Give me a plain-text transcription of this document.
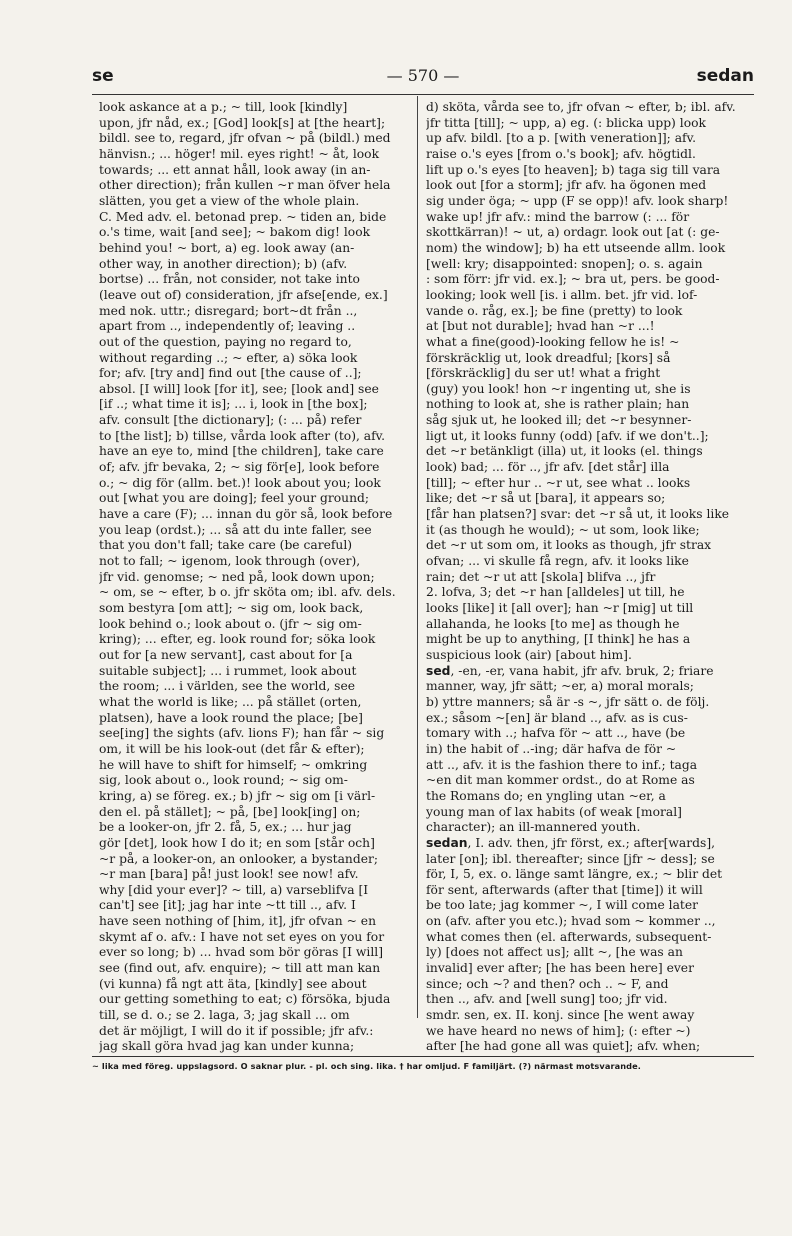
se	— 570 —	sedan
look askance at a p.; ~ till, look [kindly]
upon, jfr nåd, ex.; [God] look[s] at [the heart];
bildl. see to, regard, jfr ofvan ~ på (bildl.) med
hänvisn.; ... höger! mil. eyes right! ~ åt, look
towards; ... ett annat håll, look away (in an-
other direction); från kullen ~r man öfver hela
slätten, you get a view of the whole plain.
C. Med adv. el. betonad prep. ~ tiden an, bide
o.'s time, wait [and see]; ~ bakom dig! look
behind you! ~ bort, a) eg. look away (an-
other way, in another direction); b) (afv.
bortse) ... från, not consider, not take into
(leave out of) consideration, jfr afse[ende, ex.]
med nok. uttr.; disregard; bort~dt från ..,
apart from .., independently of; leaving ..
out of the question, paying no regard to,
without regarding ..; ~ efter, a) söka look
for; afv. [try and] find out [the cause of ..];
absol. [I will] look [for it], see; [look and] see
[if ..; what time it is]; ... i, look in [the box];
afv. consult [the dictionary]; (: ... på) refer
to [the list]; b) tillse, vårda look after (to), afv.
have an eye to, mind [the children], take care
of; afv. jfr bevaka, 2; ~ sig för[e], look before
o.; ~ dig för (allm. bet.)! look about you; look
out [what you are doing]; feel your ground;
have a care (F); ... innan du gör så, look before
you leap (ordst.); ... så att du inte faller, see
that you don't fall; take care (be careful)
not to fall; ~ igenom, look through (over),
jfr vid. genomse; ~ ned på, look down upon;
~ om, se ~ efter, b o. jfr sköta om; ibl. afv. dels.
som bestyra [om att]; ~ sig om, look back,
look behind o.; look about o. (jfr ~ sig om-
kring); ... efter, eg. look round for; söka look
out for [a new servant], cast about for [a
suitable subject]; ... i rummet, look about
the room; ... i världen, see the world, see
what the world is like; ... på stället (orten,
platsen), have a look round the place; [be]
see[ing] the sights (afv. lions F); han får ~ sig
om, it will be his look-out (det får & efter);
he will have to shift for himself; ~ omkring
sig, look about o., look round; ~ sig om-
kring, a) se föreg. ex.; b) jfr ~ sig om [i värl-
den el. på stället]; ~ på, [be] look[ing] on;
be a looker-on, jfr 2. få, 5, ex.; ... hur jag
gör [det], look how I do it; en som [står och]
~r på, a looker-on, an onlooker, a bystander;
~r man [bara] på! just look! see now! afv.
why [did your ever]? ~ till, a) varseblifva [I
can't] see [it]; jag har inte ~tt till .., afv. I
have seen nothing of [him, it], jfr ofvan ~ en
skymt af o. afv.: I have not set eyes on you for
ever so long; b) ... hvad som bör göras [I will]
see (find out, afv. enquire); ~ till att man kan
(vi kunna) få ngt att äta, [kindly] see about
our getting something to eat; c) försöka, bjuda
till, se d. o.; se 2. laga, 3; jag skall ... om
det är möjligt, I will do it if possible; jfr afv.:
jag skall göra hvad jag kan under kunna;
d) sköta, vårda see to, jfr ofvan ~ efter, b; ibl. afv.
jfr titta [till]; ~ upp, a) eg. (: blicka upp) look
up afv. bildl. [to a p. [with veneration]]; afv.
raise o.'s eyes [from o.'s book]; afv. högtidl.
lift up o.'s eyes [to heaven]; b) taga sig till vara
look out [for a storm]; jfr afv. ha ögonen med
sig under öga; ~ upp (F se opp)! afv. look sharp!
wake up! jfr afv.: mind the barrow (: ... för
skottkärran)! ~ ut, a) ordagr. look out [at (: ge-
nom) the window]; b) ha ett utseende allm. look
[well: kry; disappointed: snopen]; o. s. again
: som förr: jfr vid. ex.]; ~ bra ut, pers. be good-
looking; look well [is. i allm. bet. jfr vid. lof-
vande o. råg, ex.]; be fine (pretty) to look
at [but not durable]; hvad han ~r ...!
what a fine(good)-looking fellow he is! ~
förskräcklig ut, look dreadful; [kors] så
[förskräcklig] du ser ut! what a fright
(guy) you look! hon ~r ingenting ut, she is
nothing to look at, she is rather plain; han
såg sjuk ut, he looked ill; det ~r besynner-
ligt ut, it looks funny (odd) [afv. if we don't..];
det ~r betänkligt (illa) ut, it looks (el. things
look) bad; ... för .., jfr afv. [det står] illa
[till]; ~ efter hur .. ~r ut, see what .. looks
like; det ~r så ut [bara], it appears so;
[får han platsen?] svar: det ~r så ut, it looks like
it (as though he would); ~ ut som, look like;
det ~r ut som om, it looks as though, jfr strax
ofvan; ... vi skulle få regn, afv. it looks like
rain; det ~r ut att [skola] blifva .., jfr
2. lofva, 3; det ~r han [alldeles] ut till, he
looks [like] it [all over]; han ~r [mig] ut till
allahanda, he looks [to me] as though he
might be up to anything, [I think] he has a
suspicious look (air) [about him].
sed, -en, -er, vana habit, jfr afv. bruk, 2; friare
manner, way, jfr sätt; ~er, a) moral morals;
b) yttre manners; så är -s ~, jfr sätt o. de följ.
ex.; såsom ~[en] är bland .., afv. as is cus-
tomary with ..; hafva för ~ att .., have (be
in) the habit of ..-ing; där hafva de för ~
att .., afv. it is the fashion there to inf.; taga
~en dit man kommer ordst., do at Rome as
the Romans do; en yngling utan ~er, a
young man of lax habits (of weak [moral]
character); an ill-mannered youth.
sedan, I. adv. then, jfr först, ex.; after[wards],
later [on]; ibl. thereafter; since [jfr ~ dess]; se
för, I, 5, ex. o. länge samt längre, ex.; ~ blir det
för sent, afterwards (after that [time]) it will
be too late; jag kommer ~, I will come later
on (afv. after you etc.); hvad som ~ kommer ..,
what comes then (el. afterwards, subsequent-
ly) [does not affect us]; allt ~, [he was an
invalid] ever after; [he has been here] ever
since; och ~? and then? och .. ~ F, and
then .., afv. and [well sung] too; jfr vid.
smdr. sen, ex. II. konj. since [he went away
we have heard no news of him]; (: efter ~)
after [he had gone all was quiet]; afv. when;
~ lika med föreg. uppslagsord. O saknar plur. - pl. och sing. lika. † har omljud. F familjärt. (?) närmast motsvarande.
